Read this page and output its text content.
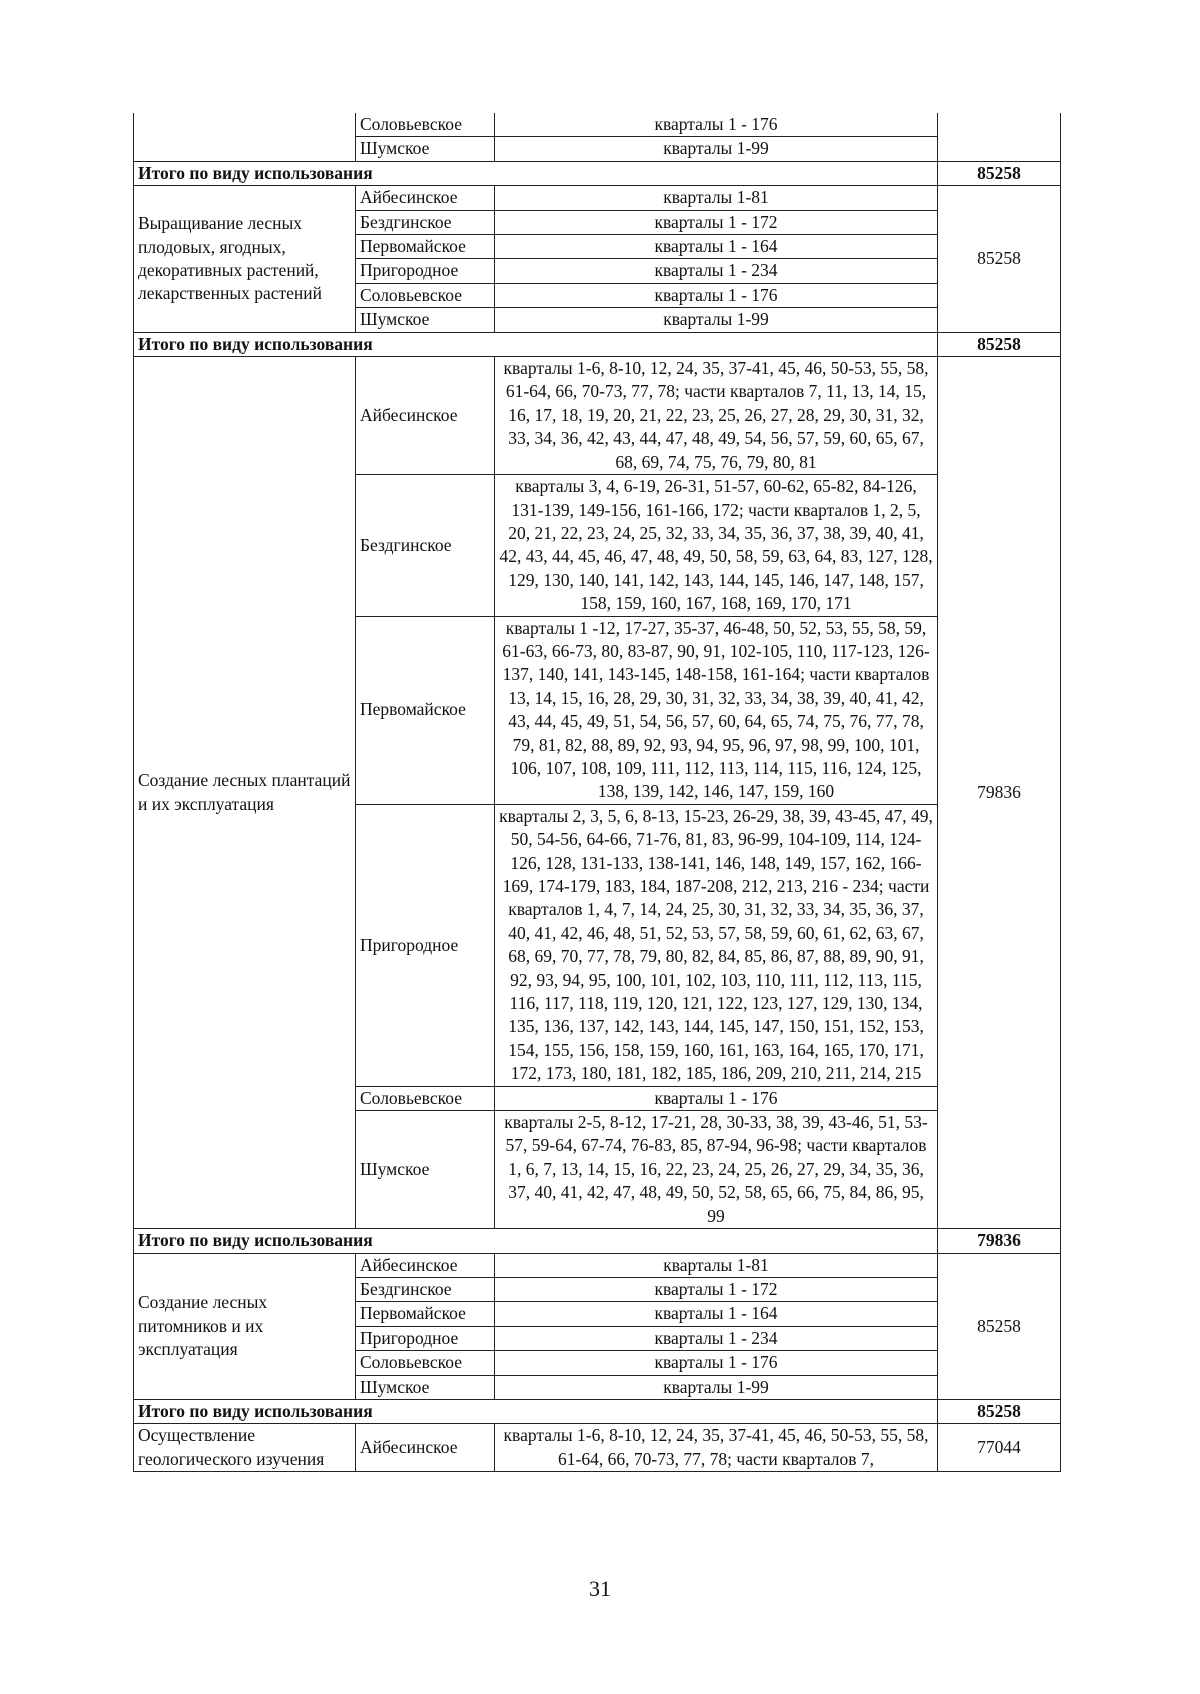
	Соловьевское	кварталы 1 - 176	
	Шумское	кварталы 1-99	
Итого по виду использования			85258
Выращивание лесных плодовых, ягодных, декоративных растений, лекарственных растений	Айбесинское	кварталы 1-81	85258
	Бездгинское	кварталы 1 - 172	
	Первомайское	кварталы 1 - 164	
	Пригородное	кварталы 1 - 234	
	Соловьевское	кварталы 1 - 176	
	Шумское	кварталы 1-99	
Итого по виду использования			85258
Создание лесных плантаций и их эксплуатация	Айбесинское	кварталы 1-6, 8-10, 12, 24, 35, 37-41, 45, 46, 50-53, 55, 58, 61-64, 66, 70-73, 77, 78; части кварталов 7, 11, 13, 14, 15, 16, 17, 18, 19, 20, 21, 22, 23, 25, 26, 27, 28, 29, 30, 31, 32, 33, 34, 36, 42, 43, 44, 47, 48, 49, 54, 56, 57, 59, 60, 65, 67, 68, 69, 74, 75, 76, 79, 80, 81	79836
	Бездгинское	кварталы 3, 4, 6-19, 26-31, 51-57, 60-62, 65-82, 84-126, 131-139, 149-156, 161-166, 172; части кварталов 1, 2, 5, 20, 21, 22, 23, 24, 25, 32, 33, 34, 35, 36, 37, 38, 39, 40, 41, 42, 43, 44, 45, 46, 47, 48, 49, 50, 58, 59, 63, 64, 83, 127, 128, 129, 130, 140, 141, 142, 143, 144, 145, 146, 147, 148, 157, 158, 159, 160, 167, 168, 169, 170, 171	
	Первомайское	кварталы 1 -12, 17-27, 35-37, 46-48, 50, 52, 53, 55, 58, 59, 61-63, 66-73, 80, 83-87, 90, 91, 102-105, 110, 117-123, 126-137, 140, 141, 143-145, 148-158, 161-164; части кварталов 13, 14, 15, 16, 28, 29, 30, 31, 32, 33, 34, 38, 39, 40, 41, 42, 43, 44, 45, 49, 51, 54, 56, 57, 60, 64, 65, 74, 75, 76, 77, 78, 79, 81, 82, 88, 89, 92, 93, 94, 95, 96, 97, 98, 99, 100, 101, 106, 107, 108, 109, 111, 112, 113, 114, 115, 116, 124, 125, 138, 139, 142, 146, 147, 159, 160	
	Пригородное	кварталы 2, 3, 5, 6, 8-13, 15-23, 26-29, 38, 39, 43-45, 47, 49, 50, 54-56, 64-66, 71-76, 81, 83, 96-99, 104-109, 114, 124-126, 128, 131-133, 138-141, 146, 148, 149, 157, 162, 166-169, 174-179, 183, 184, 187-208, 212, 213, 216 - 234; части кварталов 1, 4, 7, 14, 24, 25, 30, 31, 32, 33, 34, 35, 36, 37, 40, 41, 42, 46, 48, 51, 52, 53, 57, 58, 59, 60, 61, 62, 63, 67, 68, 69, 70, 77, 78, 79, 80, 82, 84, 85, 86, 87, 88, 89, 90, 91, 92, 93, 94, 95, 100, 101, 102, 103, 110, 111, 112, 113, 115, 116, 117, 118, 119, 120, 121, 122, 123, 127, 129, 130, 134, 135, 136, 137, 142, 143, 144, 145, 147, 150, 151, 152, 153, 154, 155, 156, 158, 159, 160, 161, 163, 164, 165, 170, 171, 172, 173, 180, 181, 182, 185, 186, 209, 210, 211, 214, 215	
	Соловьевское	кварталы 1 - 176	
	Шумское	кварталы 2-5, 8-12, 17-21, 28, 30-33, 38, 39, 43-46, 51, 53-57, 59-64, 67-74, 76-83, 85, 87-94, 96-98; части кварталов 1, 6, 7, 13, 14, 15, 16, 22, 23, 24, 25, 26, 27, 29, 34, 35, 36, 37, 40, 41, 42, 47, 48, 49, 50, 52, 58, 65, 66, 75, 84, 86, 95, 99	
Итого по виду использования			79836
Создание лесных питомников и их эксплуатация	Айбесинское	кварталы 1-81	85258
	Бездгинское	кварталы 1 - 172	
	Первомайское	кварталы 1 - 164	
	Пригородное	кварталы 1 - 234	
	Соловьевское	кварталы 1 - 176	
	Шумское	кварталы 1-99	
Итого по виду использования			85258
Осуществление геологического изучения	Айбесинское	кварталы 1-6, 8-10, 12, 24, 35, 37-41, 45, 46, 50-53, 55, 58, 61-64, 66, 70-73, 77, 78; части кварталов 7,	77044
31
